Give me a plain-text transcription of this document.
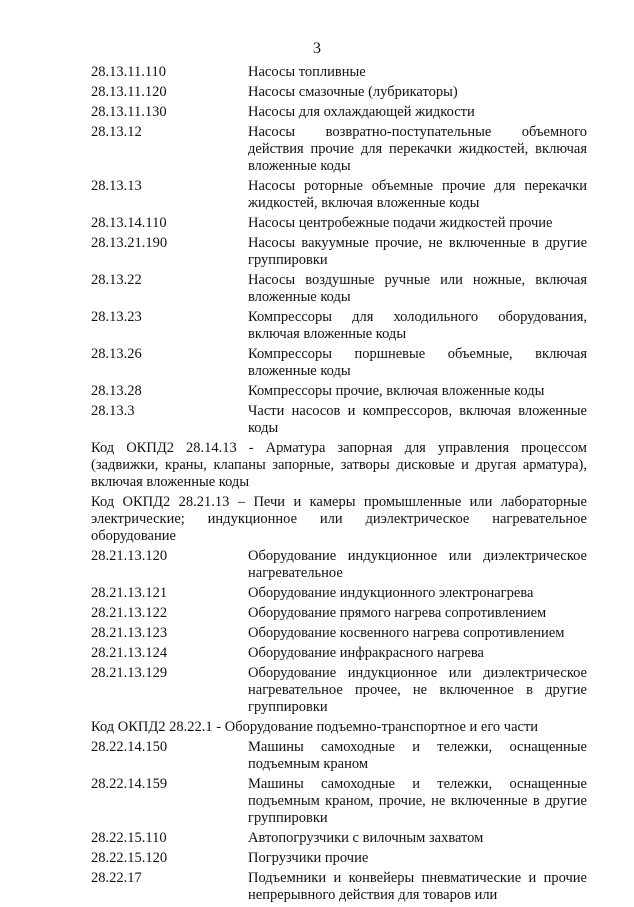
3
28.13.11.110	Насосы топливные
28.13.11.120	Насосы смазочные (лубрикаторы)
28.13.11.130	Насосы для охлаждающей жидкости
28.13.12	Насосы возвратно-поступательные объемного действия прочие для перекачки жидкостей, включая вложенные коды
28.13.13	Насосы роторные объемные прочие для перекачки жидкостей, включая вложенные коды
28.13.14.110	Насосы центробежные подачи жидкостей прочие
28.13.21.190	Насосы вакуумные прочие, не включенные в другие группировки
28.13.22	Насосы воздушные ручные или ножные, включая вложенные коды
28.13.23	Компрессоры для холодильного оборудования, включая вложенные коды
28.13.26	Компрессоры поршневые объемные, включая вложенные коды
28.13.28	Компрессоры прочие, включая вложенные коды
28.13.3	Части насосов и компрессоров, включая вложенные коды
Код ОКПД2 28.14.13 - Арматура запорная для управления процессом (задвижки, краны, клапаны запорные, затворы дисковые и другая арматура), включая вложенные коды
Код ОКПД2 28.21.13 – Печи и камеры промышленные или лабораторные электрические; индукционное или диэлектрическое нагревательное оборудование
28.21.13.120	Оборудование индукционное или диэлектрическое нагревательное
28.21.13.121	Оборудование индукционного электронагрева
28.21.13.122	Оборудование прямого нагрева сопротивлением
28.21.13.123	Оборудование косвенного нагрева сопротивлением
28.21.13.124	Оборудование инфракрасного нагрева
28.21.13.129	Оборудование индукционное или диэлектрическое нагревательное прочее, не включенное в другие группировки
Код ОКПД2 28.22.1 - Оборудование подъемно-транспортное и его части
28.22.14.150	Машины самоходные и тележки, оснащенные подъемным краном
28.22.14.159	Машины самоходные и тележки, оснащенные подъемным краном, прочие, не включенные в другие группировки
28.22.15.110	Автопогрузчики с вилочным захватом
28.22.15.120	Погрузчики прочие
28.22.17	Подъемники и конвейеры пневматические и прочие непрерывного действия для товаров или
